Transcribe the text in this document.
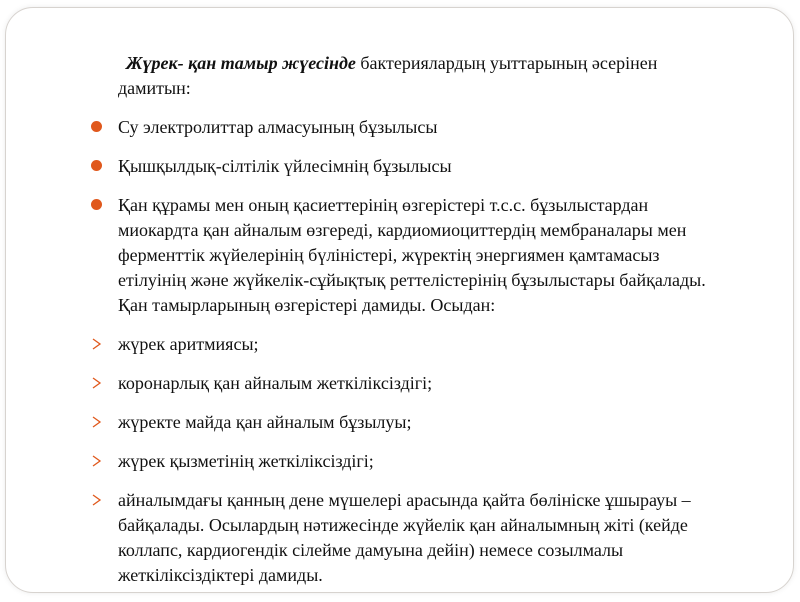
Жүрек- қан тамыр жүесінде бактериялардың уыттарының әсерінен дамитын:

Су электролиттар алмасуының бұзылысы
Қышқылдық-сілтілік үйлесімнің бұзылысы
Қан құрамы мен оның қасиеттерінің өзгерістері т.с.с. бұзылыстардан миокардта қан айналым өзгереді, кардиомиоциттердің мембраналары мен ферменттік жүйелерінің бүліністері, жүректің энергиямен қамтамасыз етілуінің және жүйкелік-сұйықтық реттелістерінің бұзылыстары байқалады. Қан тамырларының өзгерістері дамиды. Осыдан:
жүрек аритмиясы;
коронарлық қан айналым жеткіліксіздігі;
жүректе майда қан айналым бұзылуы;
жүрек қызметінің жеткіліксіздігі;
айналымдағы қанның дене мүшелері арасында қайта бөлініске ұшырауы – байқалады. Осылардың нәтижесінде жүйелік қан айналымның жіті (кейде коллапс, кардиогендік сілейме дамуына дейін) немесе созылмалы жеткіліксіздіктері дамиды.
